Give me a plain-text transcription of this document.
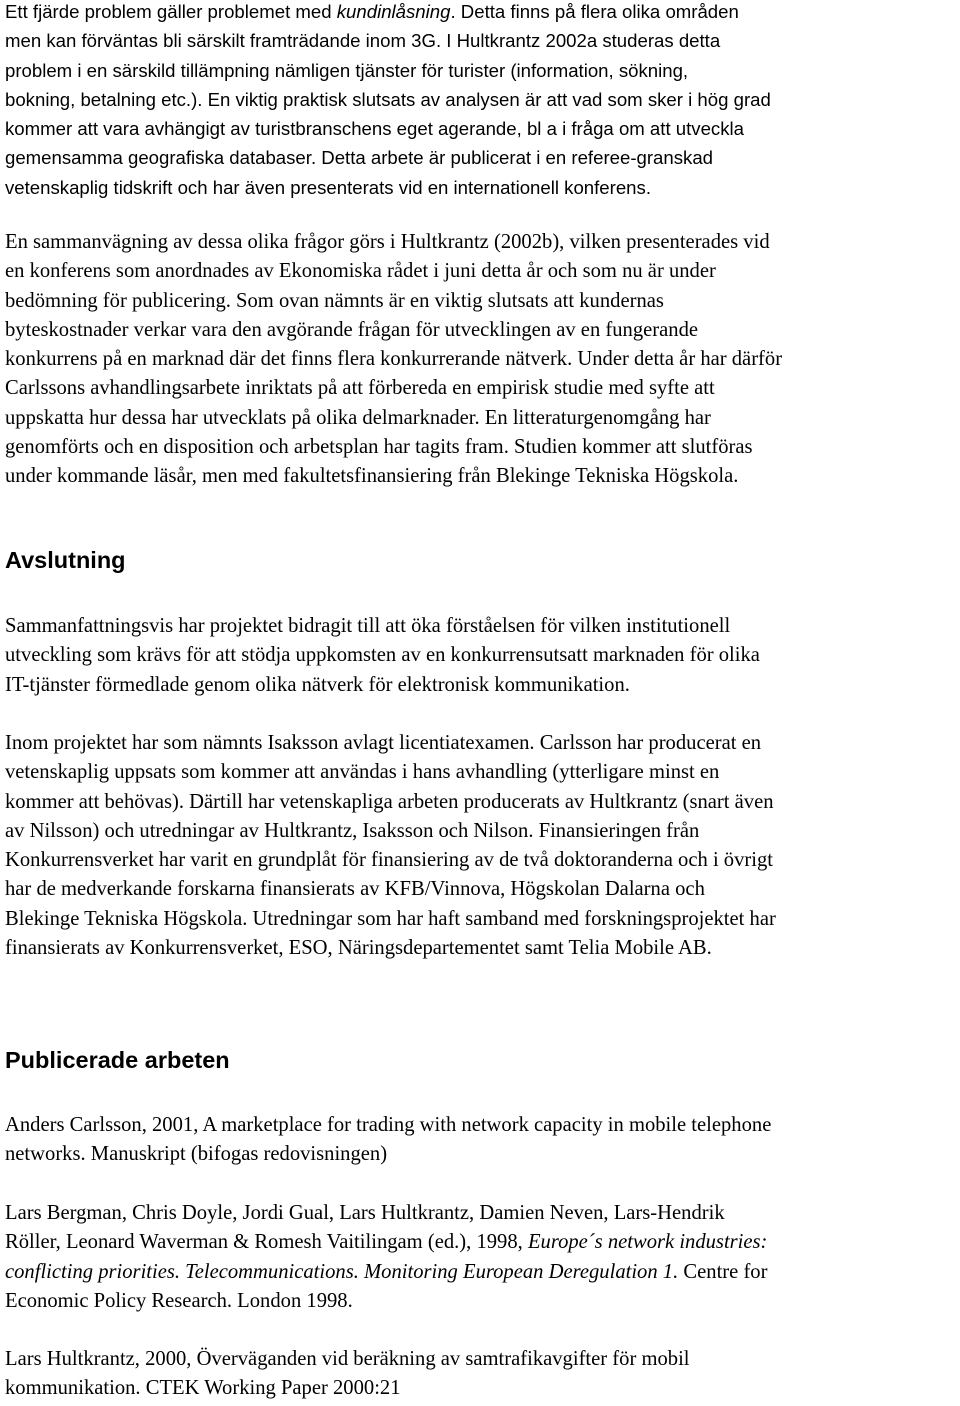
Ett fjärde problem gäller problemet med kundinlåsning. Detta finns på flera olika områden
men kan förväntas bli särskilt framträdande inom 3G. I Hultkrantz 2002a studeras detta
problem i en särskild tillämpning nämligen tjänster för turister (information, sökning,
bokning, betalning etc.). En viktig praktisk slutsats av analysen är att vad som sker i hög grad
kommer att vara avhängigt av turistbranschens eget agerande, bl a i fråga om att utveckla
gemensamma geografiska databaser. Detta arbete är publicerat i en referee-granskad
vetenskaplig tidskrift och har även presenterats vid en internationell konferens.

En sammanvägning av dessa olika frågor görs i Hultkrantz (2002b), vilken presenterades vid
en konferens som anordnades av Ekonomiska rådet i juni detta år och som nu är under
bedömning för publicering. Som ovan nämnts är en viktig slutsats att kundernas
byteskostnader verkar vara den avgörande frågan för utvecklingen av en fungerande
konkurrens på en marknad där det finns flera konkurrerande nätverk. Under detta år har därför
Carlssons avhandlingsarbete inriktats på att förbereda en empirisk studie med syfte att
uppskatta hur dessa har utvecklats på olika delmarknader. En litteraturgenomgång har
genomförts och en disposition och arbetsplan har tagits fram. Studien kommer att slutföras
under kommande läsår, men med fakultetsfinansiering från Blekinge Tekniska Högskola.

Avslutning

Sammanfattningsvis har projektet bidragit till att öka förståelsen för vilken institutionell
utveckling som krävs för att stödja uppkomsten av en konkurrensutsatt marknaden för olika
IT-tjänster förmedlade genom olika nätverk för elektronisk kommunikation.

Inom projektet har som nämnts Isaksson avlagt licentiatexamen. Carlsson har producerat en
vetenskaplig uppsats som kommer att användas i hans avhandling (ytterligare minst en
kommer att behövas). Därtill har vetenskapliga arbeten producerats av Hultkrantz (snart även
av Nilsson) och utredningar av Hultkrantz, Isaksson och Nilson. Finansieringen från
Konkurrensverket har varit en grundplåt för finansiering av de två doktoranderna och i övrigt
har de medverkande forskarna finansierats av KFB/Vinnova, Högskolan Dalarna och
Blekinge Tekniska Högskola. Utredningar som har haft samband med forskningsprojektet har
finansierats av Konkurrensverket, ESO, Näringsdepartementet samt Telia Mobile AB.

Publicerade arbeten

Anders Carlsson, 2001, A marketplace for trading with network capacity in mobile telephone
networks. Manuskript (bifogas redovisningen)

Lars Bergman, Chris Doyle, Jordi Gual, Lars Hultkrantz, Damien Neven, Lars-Hendrik
Röller, Leonard Waverman & Romesh Vaitilingam (ed.), 1998, Europe´s network industries:
conflicting priorities. Telecommunications. Monitoring European Deregulation 1. Centre for
Economic Policy Research. London 1998.

Lars Hultkrantz, 2000, Överväganden vid beräkning av samtrafikavgifter för mobil
kommunikation. CTEK Working Paper 2000:21
